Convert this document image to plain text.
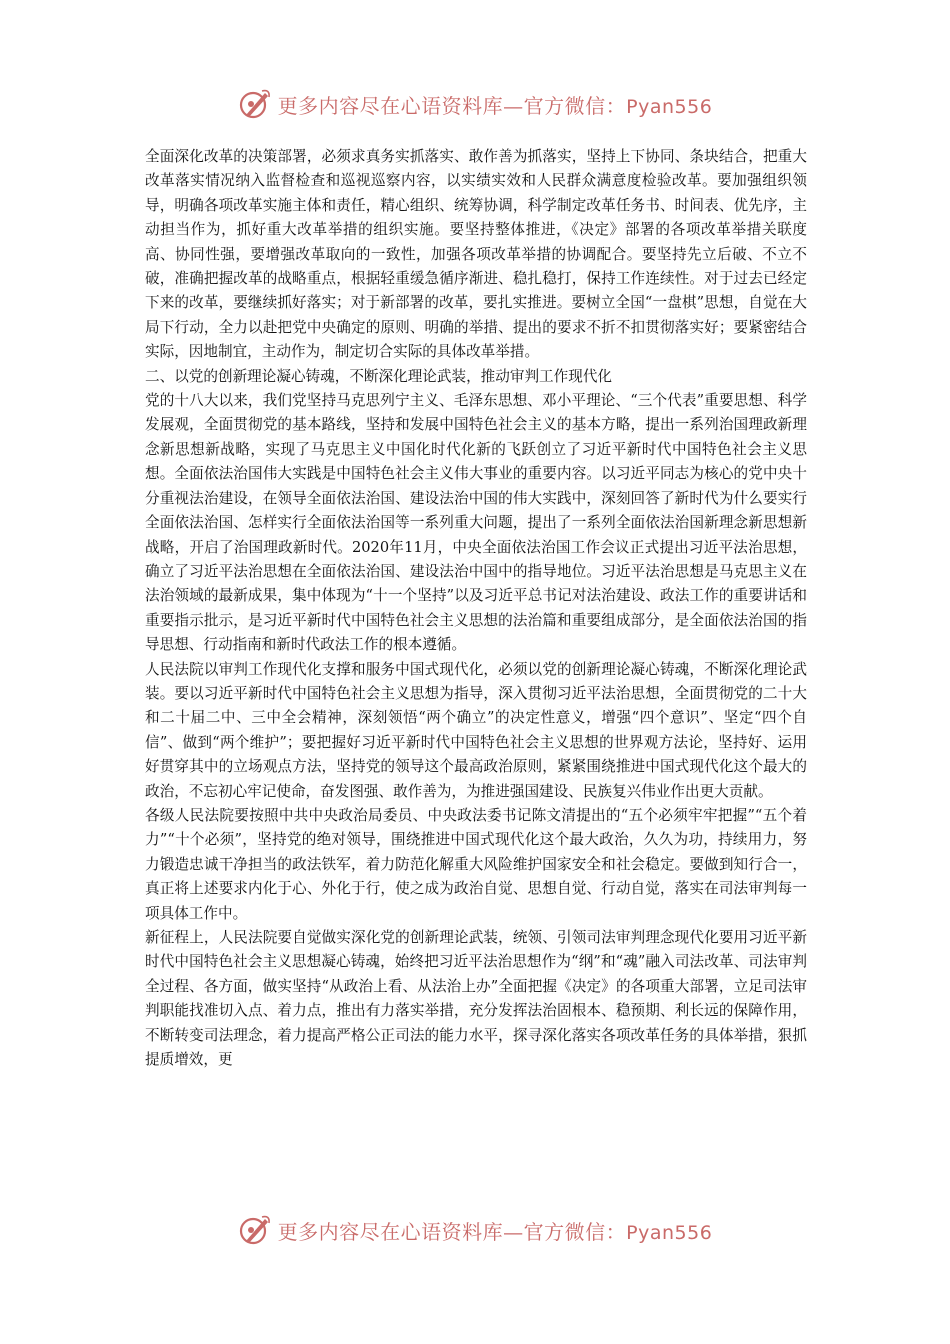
更多内容尽在心语资料库—官方微信：Pyan556

全面深化改革的决策部署，必须求真务实抓落实、敢作善为抓落实，坚持上下协同、条块结合，把重大改革落实情况纳入监督检查和巡视巡察内容，以实绩实效和人民群众满意度检验改革。要加强组织领导，明确各项改革实施主体和责任，精心组织、统筹协调，科学制定改革任务书、时间表、优先序，主动担当作为，抓好重大改革举措的组织实施。要坚持整体推进，《决定》部署的各项改革举措关联度高、协同性强，要增强改革取向的一致性，加强各项改革举措的协调配合。要坚持先立后破、不立不破，准确把握改革的战略重点，根据轻重缓急循序渐进、稳扎稳打，保持工作连续性。对于过去已经定下来的改革，要继续抓好落实；对于新部署的改革，要扎实推进。要树立全国“一盘棋”思想，自觉在大局下行动，全力以赴把党中央确定的原则、明确的举措、提出的要求不折不扣贯彻落实好；要紧密结合实际，因地制宜，主动作为，制定切合实际的具体改革举措。

二、以党的创新理论凝心铸魂，不断深化理论武装，推动审判工作现代化

党的十八大以来，我们党坚持马克思列宁主义、毛泽东思想、邓小平理论、“三个代表”重要思想、科学发展观，全面贯彻党的基本路线，坚持和发展中国特色社会主义的基本方略，提出一系列治国理政新理念新思想新战略，实现了马克思主义中国化时代化新的飞跃创立了习近平新时代中国特色社会主义思想。全面依法治国伟大实践是中国特色社会主义伟大事业的重要内容。以习近平同志为核心的党中央十分重视法治建设，在领导全面依法治国、建设法治中国的伟大实践中，深刻回答了新时代为什么要实行全面依法治国、怎样实行全面依法治国等一系列重大问题，提出了一系列全面依法治国新理念新思想新战略，开启了治国理政新时代。2020年11月，中央全面依法治国工作会议正式提出习近平法治思想，确立了习近平法治思想在全面依法治国、建设法治中国中的指导地位。习近平法治思想是马克思主义在法治领域的最新成果，集中体现为“十一个坚持”以及习近平总书记对法治建设、政法工作的重要讲话和重要指示批示，是习近平新时代中国特色社会主义思想的法治篇和重要组成部分，是全面依法治国的指导思想、行动指南和新时代政法工作的根本遵循。

人民法院以审判工作现代化支撑和服务中国式现代化，必须以党的创新理论凝心铸魂，不断深化理论武装。要以习近平新时代中国特色社会主义思想为指导，深入贯彻习近平法治思想，全面贯彻党的二十大和二十届二中、三中全会精神，深刻领悟“两个确立”的决定性意义，增强“四个意识”、坚定“四个自信”、做到“两个维护”；要把握好习近平新时代中国特色社会主义思想的世界观方法论，坚持好、运用好贯穿其中的立场观点方法，坚持党的领导这个最高政治原则，紧紧围绕推进中国式现代化这个最大的政治，不忘初心牢记使命，奋发图强、敢作善为，为推进强国建设、民族复兴伟业作出更大贡献。

各级人民法院要按照中共中央政治局委员、中央政法委书记陈文清提出的“五个必须牢牢把握”“五个着力”“十个必须”，坚持党的绝对领导，围绕推进中国式现代化这个最大政治，久久为功，持续用力，努力锻造忠诚干净担当的政法铁军，着力防范化解重大风险维护国家安全和社会稳定。要做到知行合一，真正将上述要求内化于心、外化于行，使之成为政治自觉、思想自觉、行动自觉，落实在司法审判每一项具体工作中。

新征程上，人民法院要自觉做实深化党的创新理论武装，统领、引领司法审判理念现代化要用习近平新时代中国特色社会主义思想凝心铸魂，始终把习近平法治思想作为“纲”和“魂”融入司法改革、司法审判全过程、各方面，做实坚持“从政治上看、从法治上办”全面把握《决定》的各项重大部署，立足司法审判职能找准切入点、着力点，推出有力落实举措，充分发挥法治固根本、稳预期、利长远的保障作用，不断转变司法理念，着力提高严格公正司法的能力水平，探寻深化落实各项改革任务的具体举措，狠抓提质增效，更

更多内容尽在心语资料库—官方微信：Pyan556
